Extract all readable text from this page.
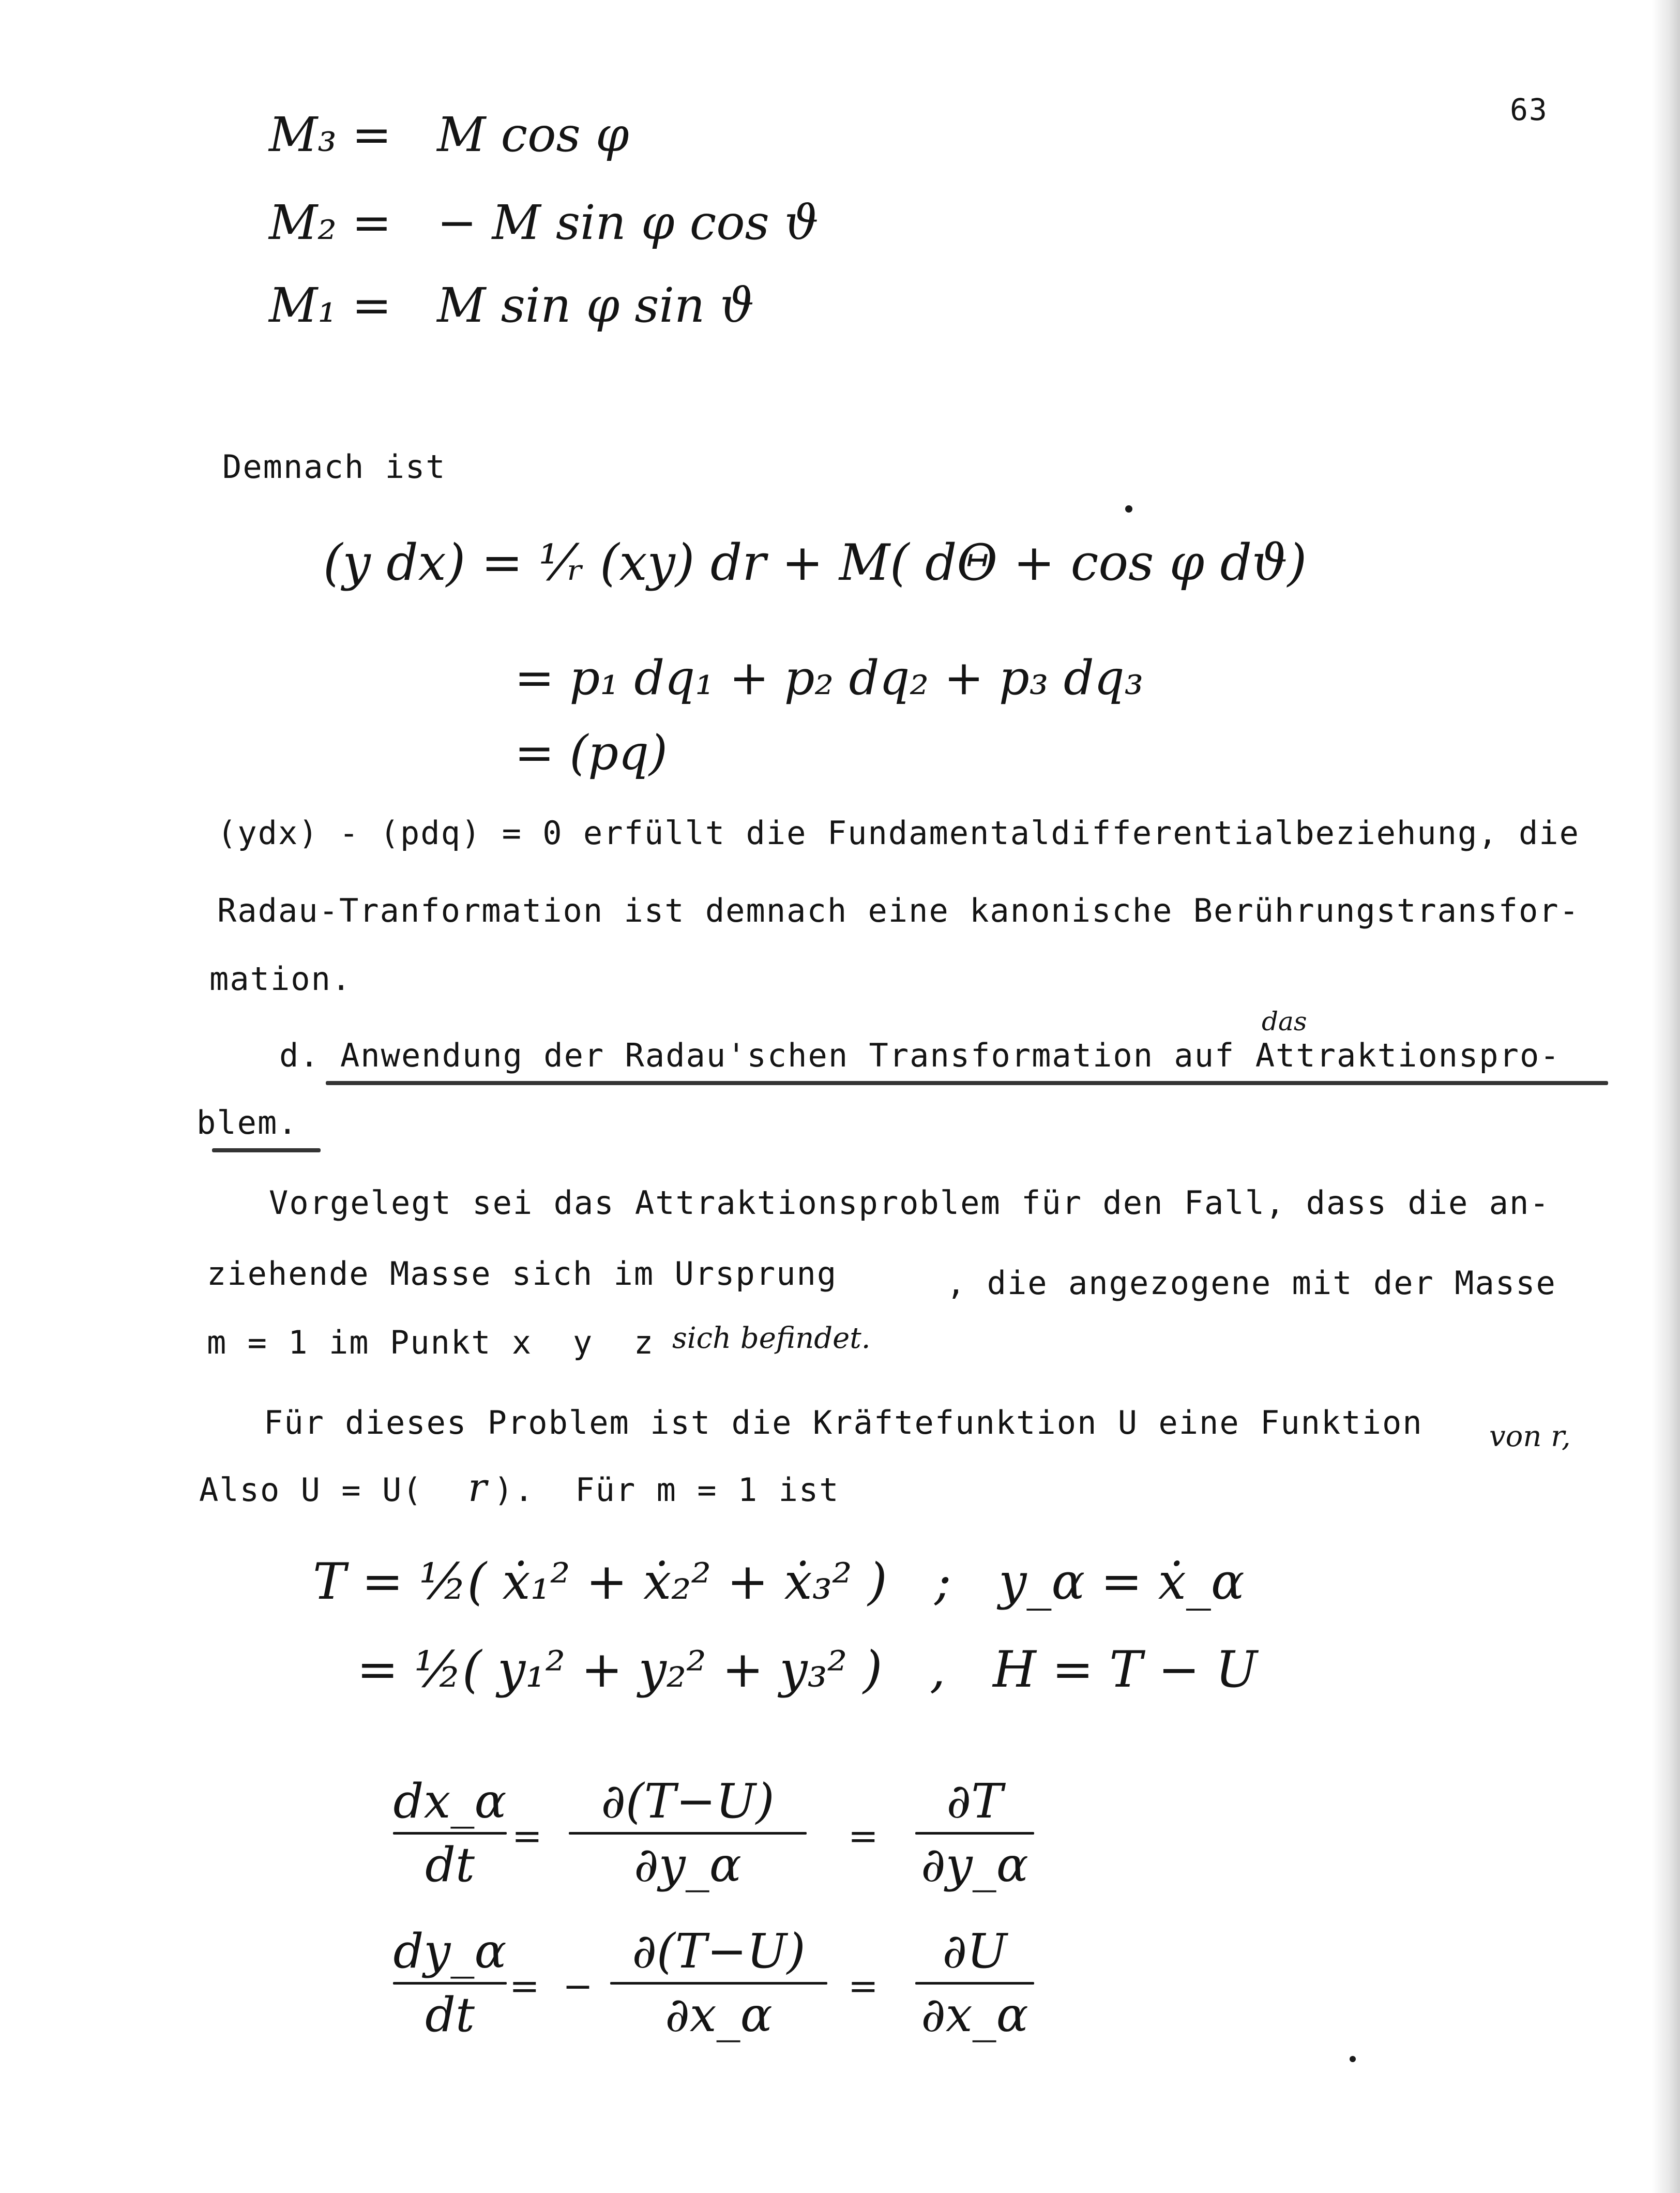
63
M₃ =   M cos φ
M₂ =   − M sin φ cos ϑ
M₁ =   M sin φ sin ϑ
Demnach ist
(y dx) = ¹⁄ᵣ (xy) dr + M( dΘ + cos φ dϑ)
= p₁ dq₁ + p₂ dq₂ + p₃ dq₃
= (pq)
(ydx) - (pdq) = 0 erfüllt die Fundamentaldifferentialbeziehung, die
Radau-Tranformation ist demnach eine kanonische Berührungstransfor-
mation.
das
d. Anwendung der Radau'schen Transformation auf Attraktionspro-
blem.
Vorgelegt sei das Attraktionsproblem für den Fall, dass die an-
ziehende Masse sich im Ursprung	, die angezogene mit der Masse
m = 1 im Punkt x  y  z sich befindet.
Für dieses Problem ist die Kräftefunktion U eine Funktion von r,
Also U = U( r ).  Für m = 1 ist
T = ½( ẋ₁² + ẋ₂² + ẋ₃² )   ;   y_α = ẋ_α
= ½( y₁² + y₂² + y₃² )   ,   H = T − U
dx_α
dt
=
∂(T−U)
∂y_α
=
∂T
∂y_α
dy_α
dt
=  −
∂(T−U)
∂x_α
=
∂U
∂x_α
